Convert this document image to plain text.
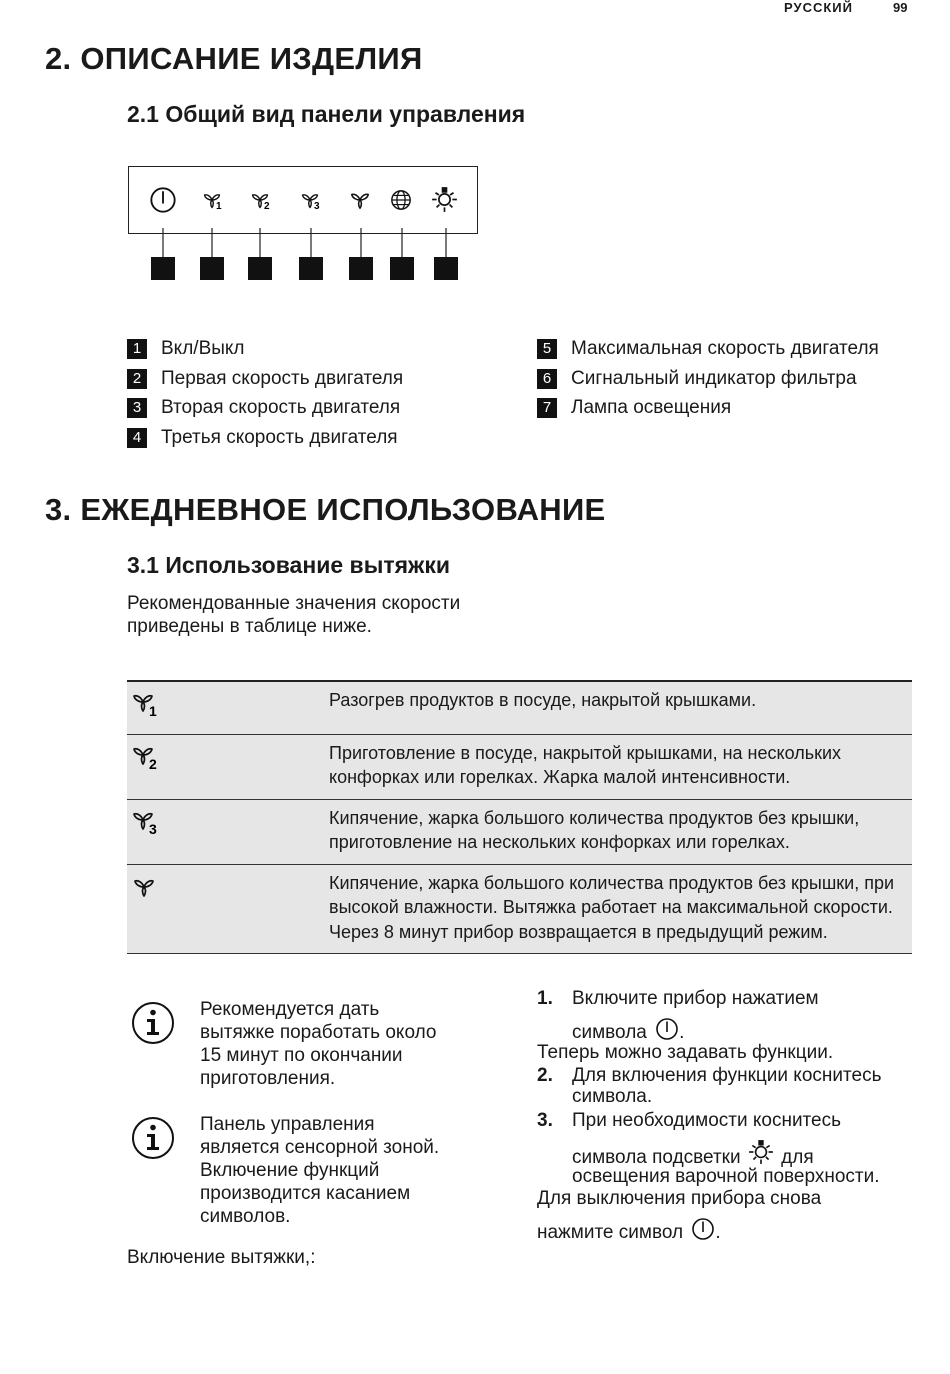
РУССКИЙ	99
2. ОПИСАНИЕ ИЗДЕЛИЯ
2.1 Общий вид панели управления
1	2	3
1	Вкл/Выкл
2	Первая скорость двигателя
3	Вторая скорость двигателя
4	Третья скорость двигателя
5	Максимальная скорость двигателя
6	Сигнальный индикатор фильтра
7	Лампа освещения
3. ЕЖЕДНЕВНОЕ ИСПОЛЬЗОВАНИЕ
3.1 Использование вытяжки
Рекомендованные значения скорости
приведены в таблице ниже.
1	Разогрев продуктов в посуде, накрытой крышками.

2	Приготовление в посуде, накрытой крышками, на нескольких конфорках или горелках. Жарка малой интенсивности.

3	Кипячение, жарка большого количества продуктов без крышки, приготовление на нескольких конфорках или горелках.
	Кипячение, жарка большого количества продуктов без крышки, при высокой влажности. Вытяжка работает на максимальной скорости. Через 8 минут прибор возвращается в предыдущий режим.
Рекомендуется дать
вытяжке поработать около
15 минут по окончании
приготовления.
Панель управления
является сенсорной зоной.
Включение функций
производится касанием
символов.
Включение вытяжки,:
1. Включите прибор нажатием
символа .
Теперь можно задавать функции.
2. Для включения функции коснитесь
символа.
3. При необходимости коснитесь
символа подсветки для
освещения варочной поверхности.
Для выключения прибора снова
нажмите символ .
